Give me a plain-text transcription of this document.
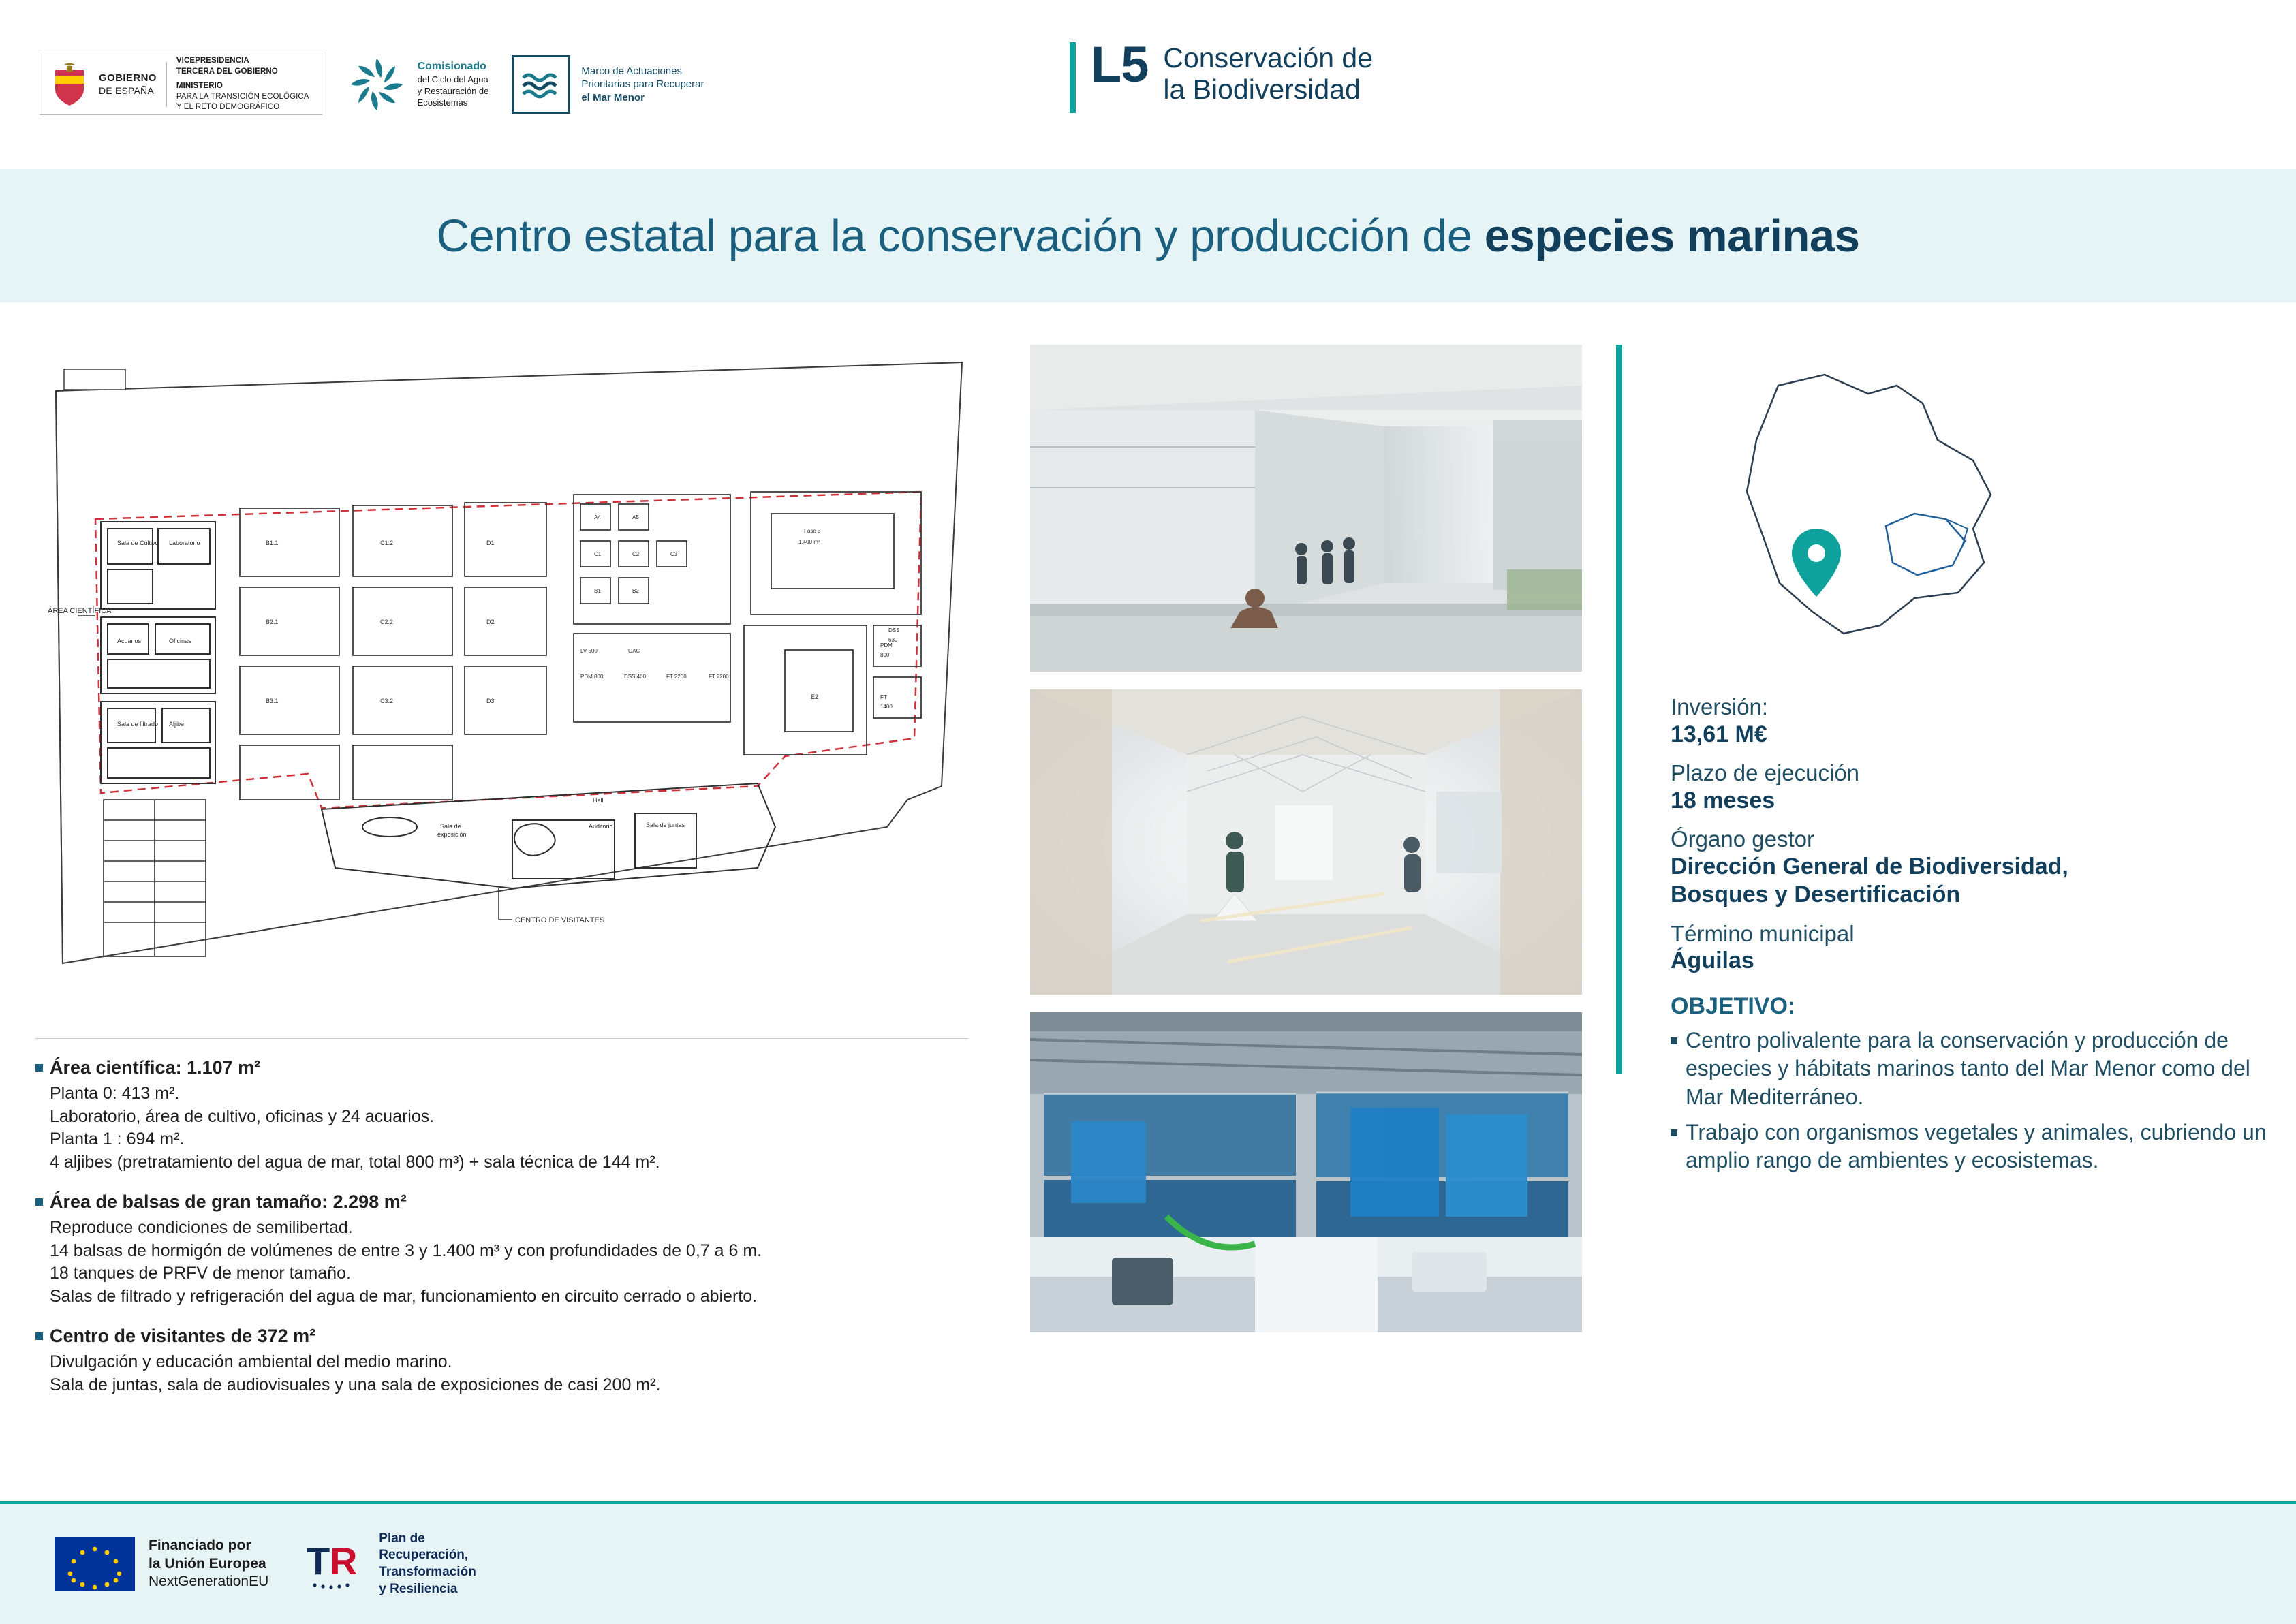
GOBIERNO
DE ESPAÑA
VICEPRESIDENCIA
TERCERA DEL GOBIERNO
MINISTERIO
PARA LA TRANSICIÓN ECOLÓGICA
Y EL RETO DEMOGRÁFICO
Comisionado
del Ciclo del Agua
y Restauración de
Ecosistemas
Marco de Actuaciones
Prioritarias para Recuperar
el Mar Menor
L5 Conservación de
la Biodiversidad
Centro estatal para la conservación y producción de especies marinas
ÁREA CIENTÍFICA
CENTRO DE VISITANTES
Sala de Cultivo Laboratorio
Acuarios	Oficinas
Sala de filtrado Aljibe
B1.1
B2.1
B3.1
C1.2
C2.2
C3.2
D1
D2
D3
A4	A5
C1	C2	C3
B1	B2
LV 500	OAC
PDM 800	DSS 400	FT 2200	FT 2200
Fase 3
1.400 m³
E2
PDM
800
FT
1400
DSS
630
Sala de
exposición
Auditorio	Sala de juntas
Hall
Área científica: 1.107 m²
Planta 0: 413 m².
Laboratorio, área de cultivo, oficinas y 24 acuarios.
Planta 1 : 694 m².
4 aljibes (pretratamiento del agua de mar, total 800 m³) + sala técnica de 144 m².
Área de balsas de gran tamaño: 2.298 m²
Reproduce condiciones de semilibertad.
14 balsas de hormigón de volúmenes de entre 3 y 1.400 m³ y con profundidades de 0,7 a 6 m.
18 tanques de PRFV de menor tamaño.
Salas de filtrado y refrigeración del agua de mar, funcionamiento en circuito cerrado o abierto.
Centro de visitantes de 372 m²
Divulgación y educación ambiental del medio marino.
Sala de juntas, sala de audiovisuales y una sala de exposiciones de casi 200 m².
Inversión:
13,61 M€
Plazo de ejecución
18 meses
Órgano gestor
Dirección General de Biodiversidad,
Bosques y Desertificación
Término municipal
Águilas
OBJETIVO:
Centro polivalente para la conservación y producción de especies y hábitats marinos tanto del Mar Menor como del Mar Mediterráneo.
Trabajo con organismos vegetales y animales, cubriendo un amplio rango de ambientes y ecosistemas.
Financiado por
la Unión Europea
NextGenerationEU T R
Plan de
Recuperación,
Transformación
y Resiliencia
